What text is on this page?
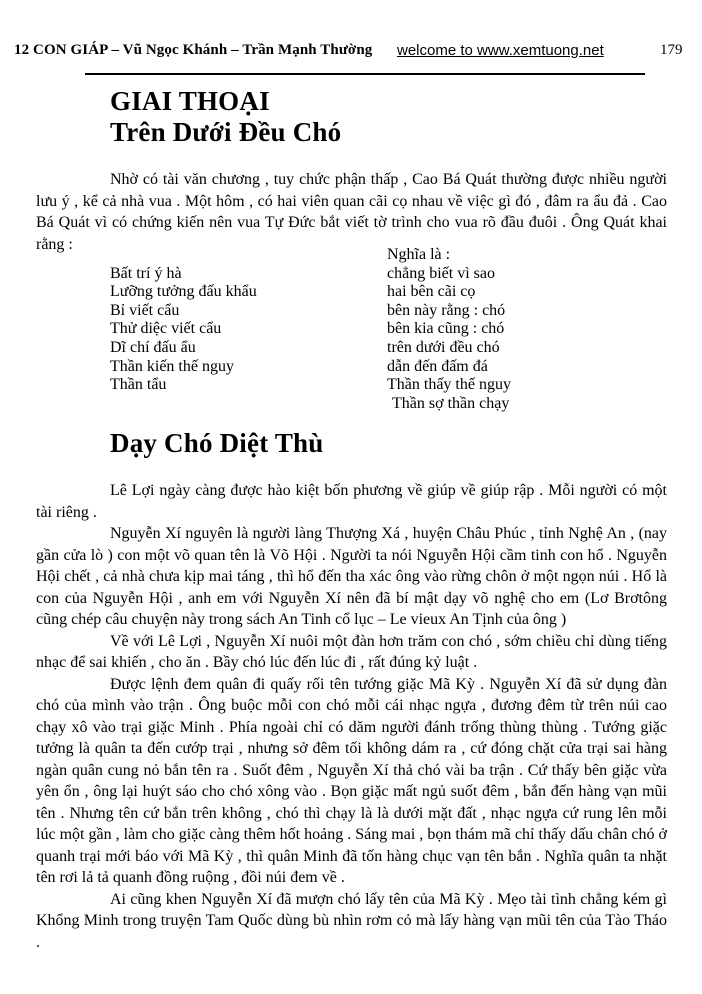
12 CON GIÁP – Vũ Ngọc Khánh – Trần Mạnh Thường welcome to www.xemtuong.net	179
GIAI THOẠI
Trên Dưới Đều Chó

Nhờ có tài văn chương , tuy chức phận thấp , Cao Bá Quát thường được nhiều người lưu ý , kể cả nhà vua . Một hôm , có hai viên quan cãi cọ nhau về việc gì đó , đâm ra ẩu đả . Cao Bá Quát vì có chứng kiến nên vua Tự Đức bắt viết tờ trình cho vua rõ đầu đuôi . Ông Quát khai rằng :

Nghĩa là :
Bất trí ý hà	chẳng biết vì sao
Lưỡng tưởng đấu khẩu	hai bên cãi cọ
Bỉ viết cẩu	bên này rằng : chó
Thử diệc viết cẩu	bên kia cũng : chó
Dĩ chí đấu ẩu	trên dưới đều chó
Thần kiến thế nguy	dẫn đến đấm đá
Thần tẩu	Thần thấy thế nguy
Thần sợ thần chạy
Dạy Chó Diệt Thù

Lê Lợi ngày càng được hào kiệt bốn phương về giúp về giúp rập . Mỗi người có một tài riêng .

Nguyễn Xí nguyên là người làng Thượng Xá , huyện Châu Phúc , tỉnh Nghệ An , (nay gần cửa lò ) con một võ quan tên là Võ Hội . Người ta nói Nguyễn Hội cầm tinh con hổ . Nguyễn Hội chết , cả nhà chưa kịp mai táng , thì hổ đến tha xác ông vào rừng chôn ở một ngọn núi . Hổ là con của Nguyễn Hội , anh em với Nguyễn Xí nên đã bí mật dạy võ nghệ cho em (Lơ Brơtông cũng chép câu chuyện này trong sách An Tinh cổ lục – Le vieux An Tịnh của ông )

Về với Lê Lợi , Nguyễn Xí nuôi một đàn hơn trăm con chó , sớm chiều chỉ dùng tiếng nhạc để sai khiến , cho ăn . Bầy chó lúc đến lúc đi , rất đúng kỷ luật .

Được lệnh đem quân đi quấy rối tên tướng giặc Mã Kỳ . Nguyễn Xí đã sử dụng đàn chó của mình vào trận . Ông buộc mỗi con chó mỗi cái nhạc ngựa , đương đêm từ trên núi cao chạy xô vào trại giặc Minh . Phía ngoài chỉ có dăm người đánh trống thùng thùng . Tướng giặc tưởng là quân ta đến cướp trại , nhưng sở đêm tối không dám ra , cứ đóng chặt cửa trại sai hàng ngàn quân cung nỏ bắn tên ra . Suốt đêm , Nguyễn Xí thả chó vài ba trận . Cứ thấy bên giặc vừa yên ổn , ông lại huýt sáo cho chó xông vào . Bọn giặc mất ngủ suốt đêm , bắn đến hàng vạn mũi tên . Nhưng tên cứ bắn trên không , chó thì chạy là là dưới mặt đất , nhạc ngựa cứ rung lên mỗi lúc một gần , làm cho giặc càng thêm hốt hoảng . Sáng mai , bọn thám mã chỉ thấy dấu chân chó ở quanh trại mới báo với Mã Kỳ , thì quân Minh đã tốn hàng chục vạn tên bắn . Nghĩa quân ta nhặt tên rơi lả tả quanh đồng ruộng , đồi núi đem về .

Ai cũng khen Nguyễn Xí đã mượn chó lấy tên của Mã Kỳ . Mẹo tài tình chẳng kém gì Khổng Minh trong truyện Tam Quốc dùng bù nhìn rơm cỏ mà lấy hàng vạn mũi tên của Tào Tháo .
